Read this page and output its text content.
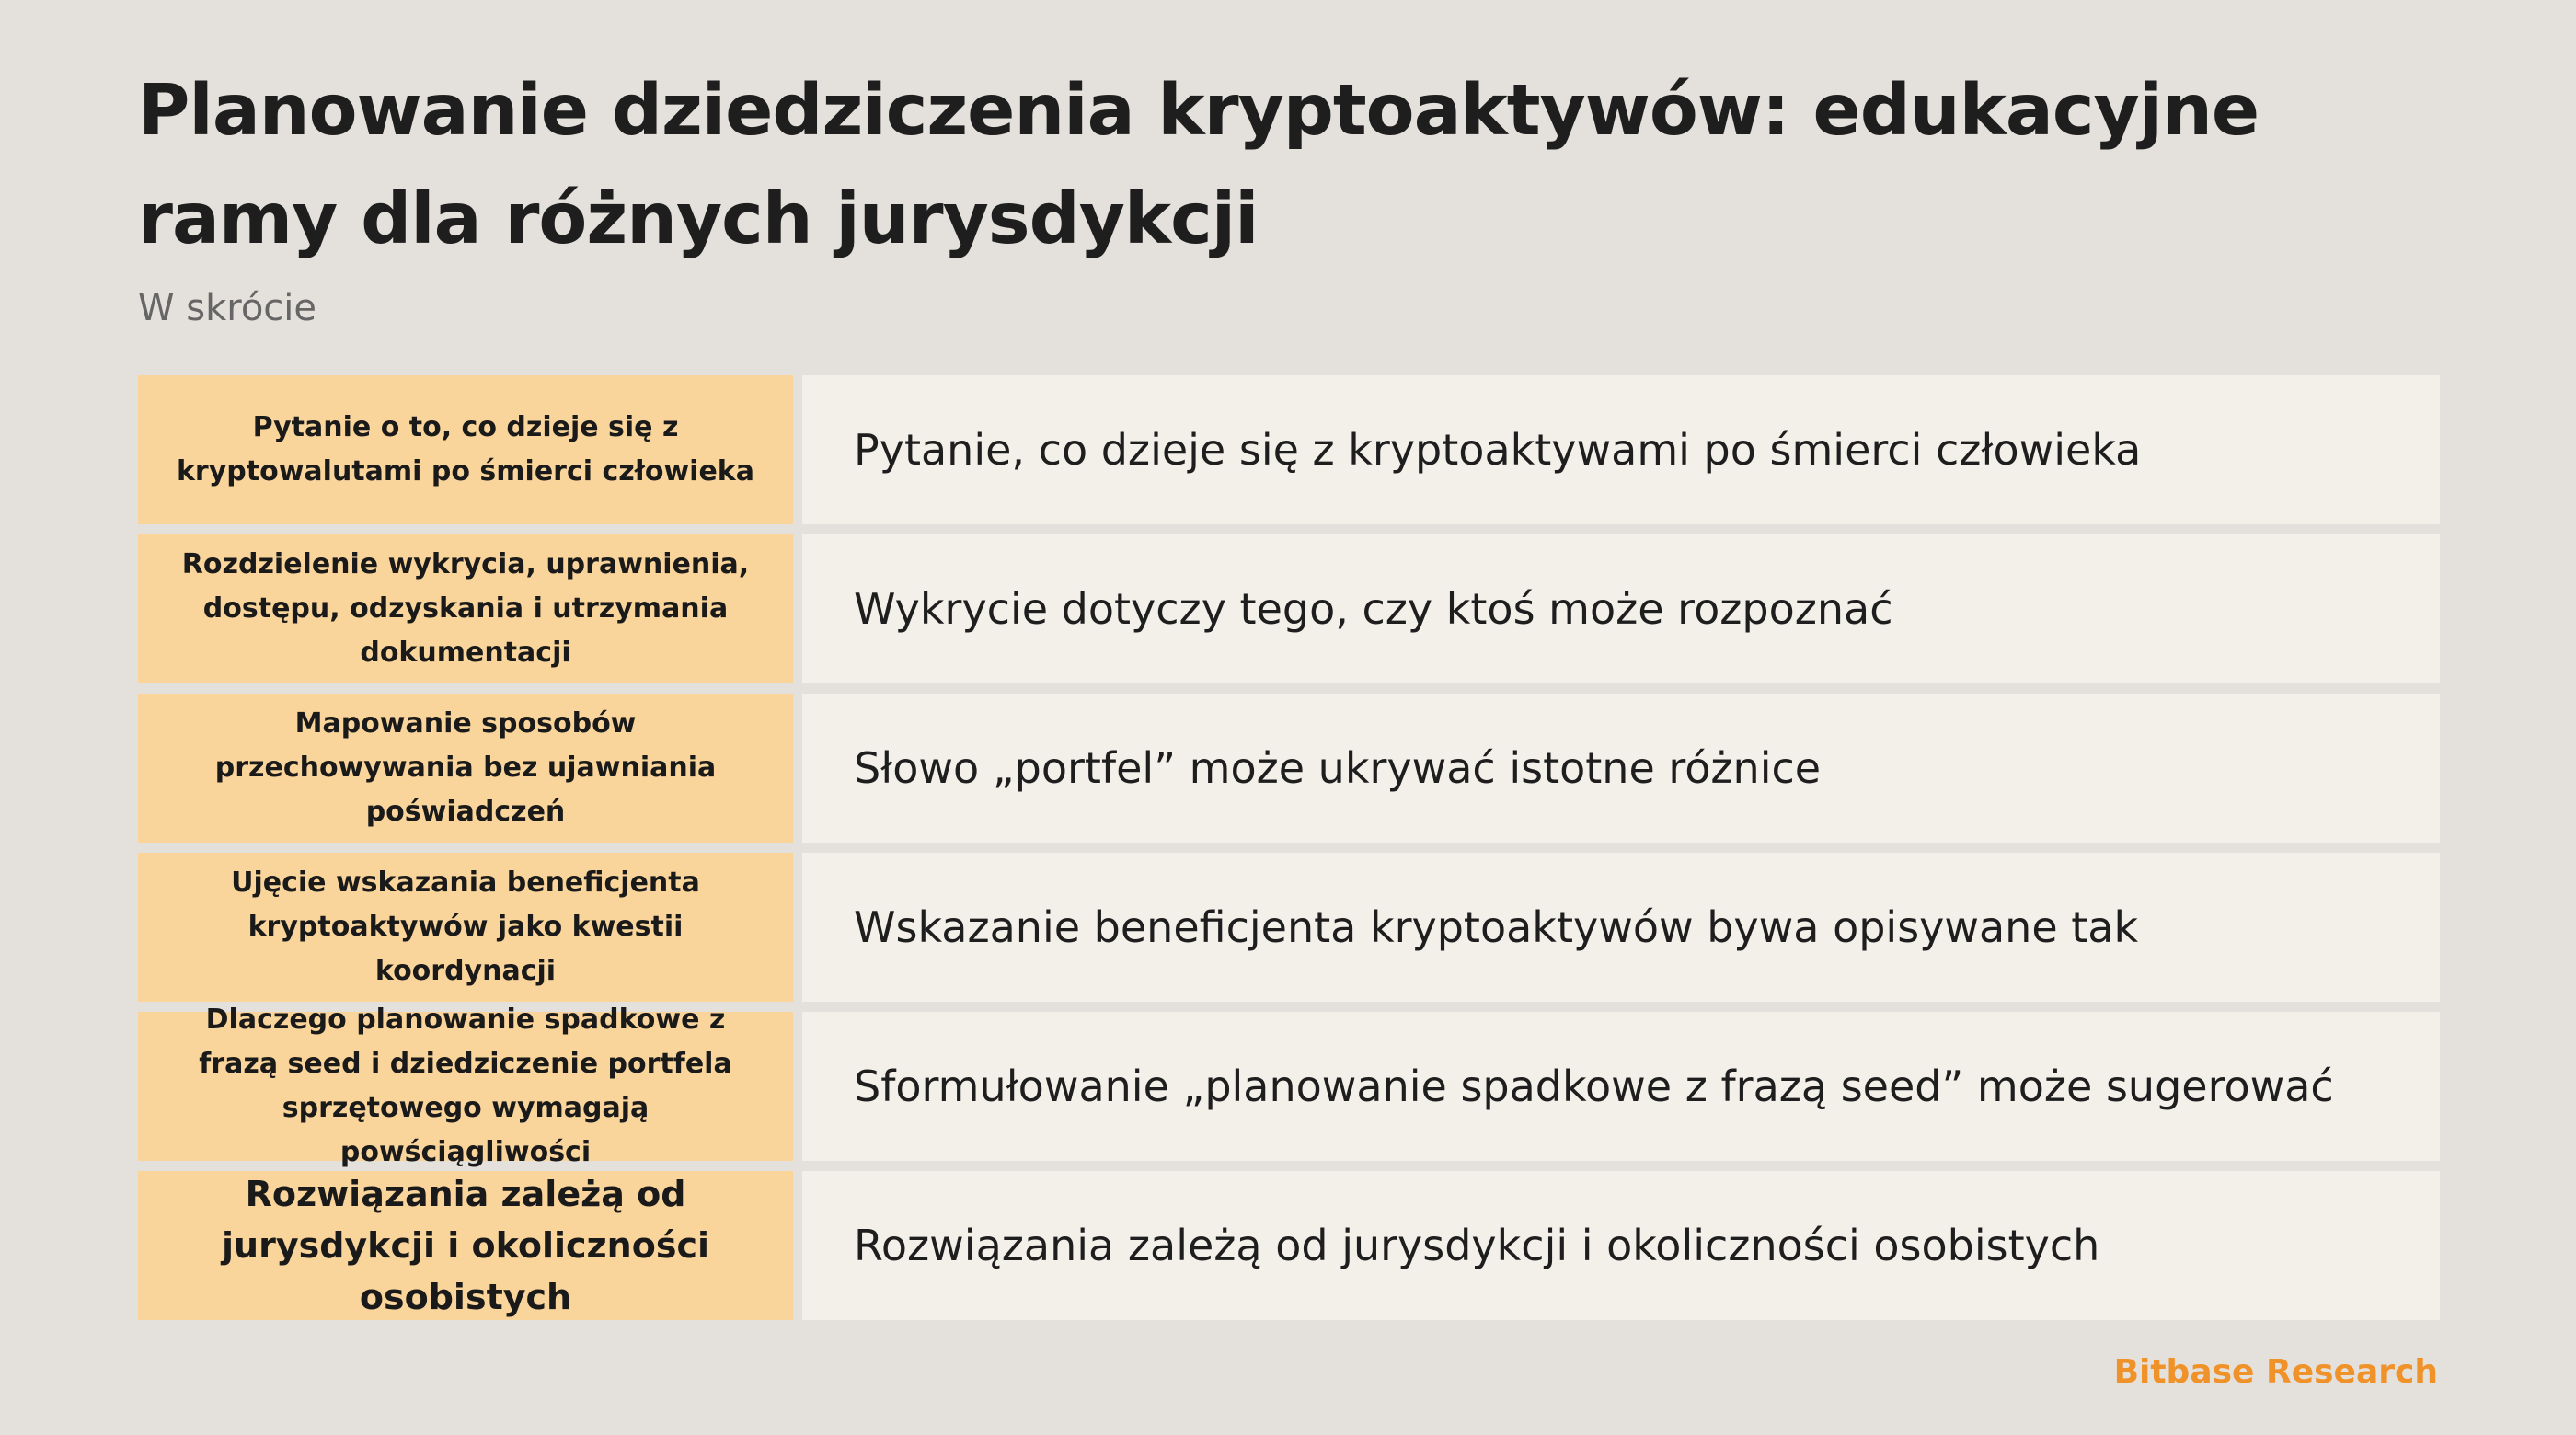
Planowanie dziedziczenia kryptoaktywów: edukacyjne ramy dla różnych jurysdykcji
W skrócie
Pytanie o to, co dzieje się z kryptowalutami po śmierci człowieka	Pytanie, co dzieje się z kryptoaktywami po śmierci człowieka
Rozdzielenie wykrycia, uprawnienia, dostępu, odzyskania i utrzymania dokumentacji
Wykrycie dotyczy tego, czy ktoś może rozpoznać
Mapowanie sposobów przechowywania bez ujawniania poświadczeń
Słowo „portfel” może ukrywać istotne różnice
Ujęcie wskazania beneficjenta kryptoaktywów jako kwestii koordynacji
Wskazanie beneficjenta kryptoaktywów bywa opisywane tak
Dlaczego planowanie spadkowe z frazą seed i dziedziczenie portfela sprzętowego wymagają powściągliwości
Sformułowanie „planowanie spadkowe z frazą seed” może sugerować
Rozwiązania zależą od jurysdykcji i okoliczności osobistych
Rozwiązania zależą od jurysdykcji i okoliczności osobistych
Bitbase Research
